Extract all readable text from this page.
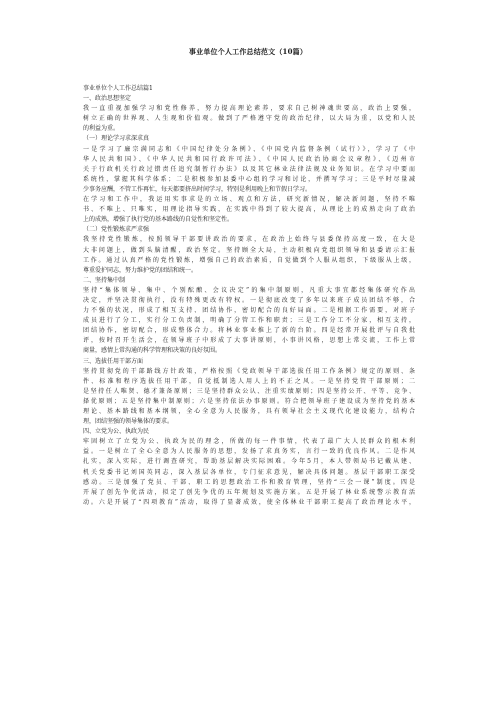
事业单位个人工作总结范文（10篇）
事业单位个人工作总结篇1
一、政治思想坚定
我一直重视加强学习和党性修养，努力提高理论素养，要求自己树神魂世要高，政治上要强，
树立正确的世界观、人生观和价值观。做到了严格遵守党的政治纪律，以大局为重，以党和人民
的利益为重。
（一）理论学习求深求真
一是学习了廉宗满同志和《中国纪律处分条例》、《中国党内监督条例（试行）》，学习了《中
华人民共和国》、《中华人民共和国行政许可法》、《中国人民政治协商会议章程》、《迈州市
关于行政机关行政过错责任追究制暂行办法》以及其它林业法律法规及业务知识。在学习中要而
系统性，掌握其科学体系；二是积极参加县委中心组的学习和讨论，并撰写学习；三是平时尽量减
少事务应酬，不管工作再忙，每天都要挤出时间学习，特别是利用晚上和节假日学习。
在学习和工作中，我运用实事求是的立场、观点和方法，研究新情况，解决新问题，坚持不唯
书、不唯上、只唯实，用理论指导实践，在实践中得到了较大提高，从理论上的成熟走向了政治
上的成熟，增强了执行党的基本路线的自觉性和坚定性。
（二）党性锻炼求严求强
我坚持党性锻炼，按照领导干部要讲政治的要求，在政治上始终与县委保持高度一致，在大是
大非问题上，做到头脑清醒，政治坚定。坚持顾全大局，主动积极向党组织领导和县委请示汇报
工作。通过认真严格的党性锻炼，增强自己的政治素质，自觉做到个人服从组织，下级服从上级，
尊重爱护同志，努力维护党的团结和统一。
二、坚持集中制
坚持“集体领导、集中、个别酝酿、会议决定”的集中制原则，凡重大事宜都经集体研究作出
决定，并坚决贯彻执行，没有特殊更改有特权。一是彻底改变了多年以来班子成员团结不够，合
力不强的状况，形成了相互支持、团结协作，密切配合的良好局面。二是根据工作需要，对班子
成员进行了分工，实行分工负责制，明确了分管工作和职责；三是工作分工不分家，相互支持，
团结协作，密切配合，形成整体合力。将林业事业推上了新的台阶。四是经常开展批评与自我批
评，按时召开生活会，在领导班子中形成了大事讲原则，小事讲风格，思想上常交流，工作上常
商量，感情上常沟通的科学管理和决策的良好氛围。
三、选拔任用干部方面
坚持贯彻党的干部路线方针政策，严格按照《党政领导干部选拔任用工作条例》规定的原则、条
件、标准和程序选拔任用干部，自觉抵制选人用人上的不正之风。一是坚持党管干部原则；二
是坚持任人唯贤、德才兼备原则；三是坚持群众公认、注重实绩原则；四是坚持公开、平等、竞争、
择优原则；五是坚持集中制原则；六是坚持依法办事原则。符合把领导班子建设成为坚持党的基本
理论、基本路线和基本纲领，全心全意为人民服务，具有领导社会主义现代化建设能力，结构合
理，团结坚强的领导集体的要求。
四、立党为公、执政为民
牢固树立了立党为公、执政为民的理念，所做的每一件事情，代表了最广大人民群众的根本利
益。一是树立了全心全意为人民服务的思想，发扬了求真务实，言行一致的优良作风。二是作风
扎实，深入实际，进行调查研究，帮助基层解决实际困难。今年5月，本人带领局书记戴从建、
机关党委书记刘国英同志，深入基层各单位，专门征求意见，解决具体问题。基层干部职工深受
感动。三是加强了党员、干部、职工的思想政治工作和教育管理，坚持“三会一课”制度。四是
开展了创先争优活动，拟定了创先争优的五年规划及实施方案。五是开展了林业系统警示教育活
动。六是开展了“四项教育”活动，取得了显著成效，使全体林业干部职工提高了政治理论水平，
